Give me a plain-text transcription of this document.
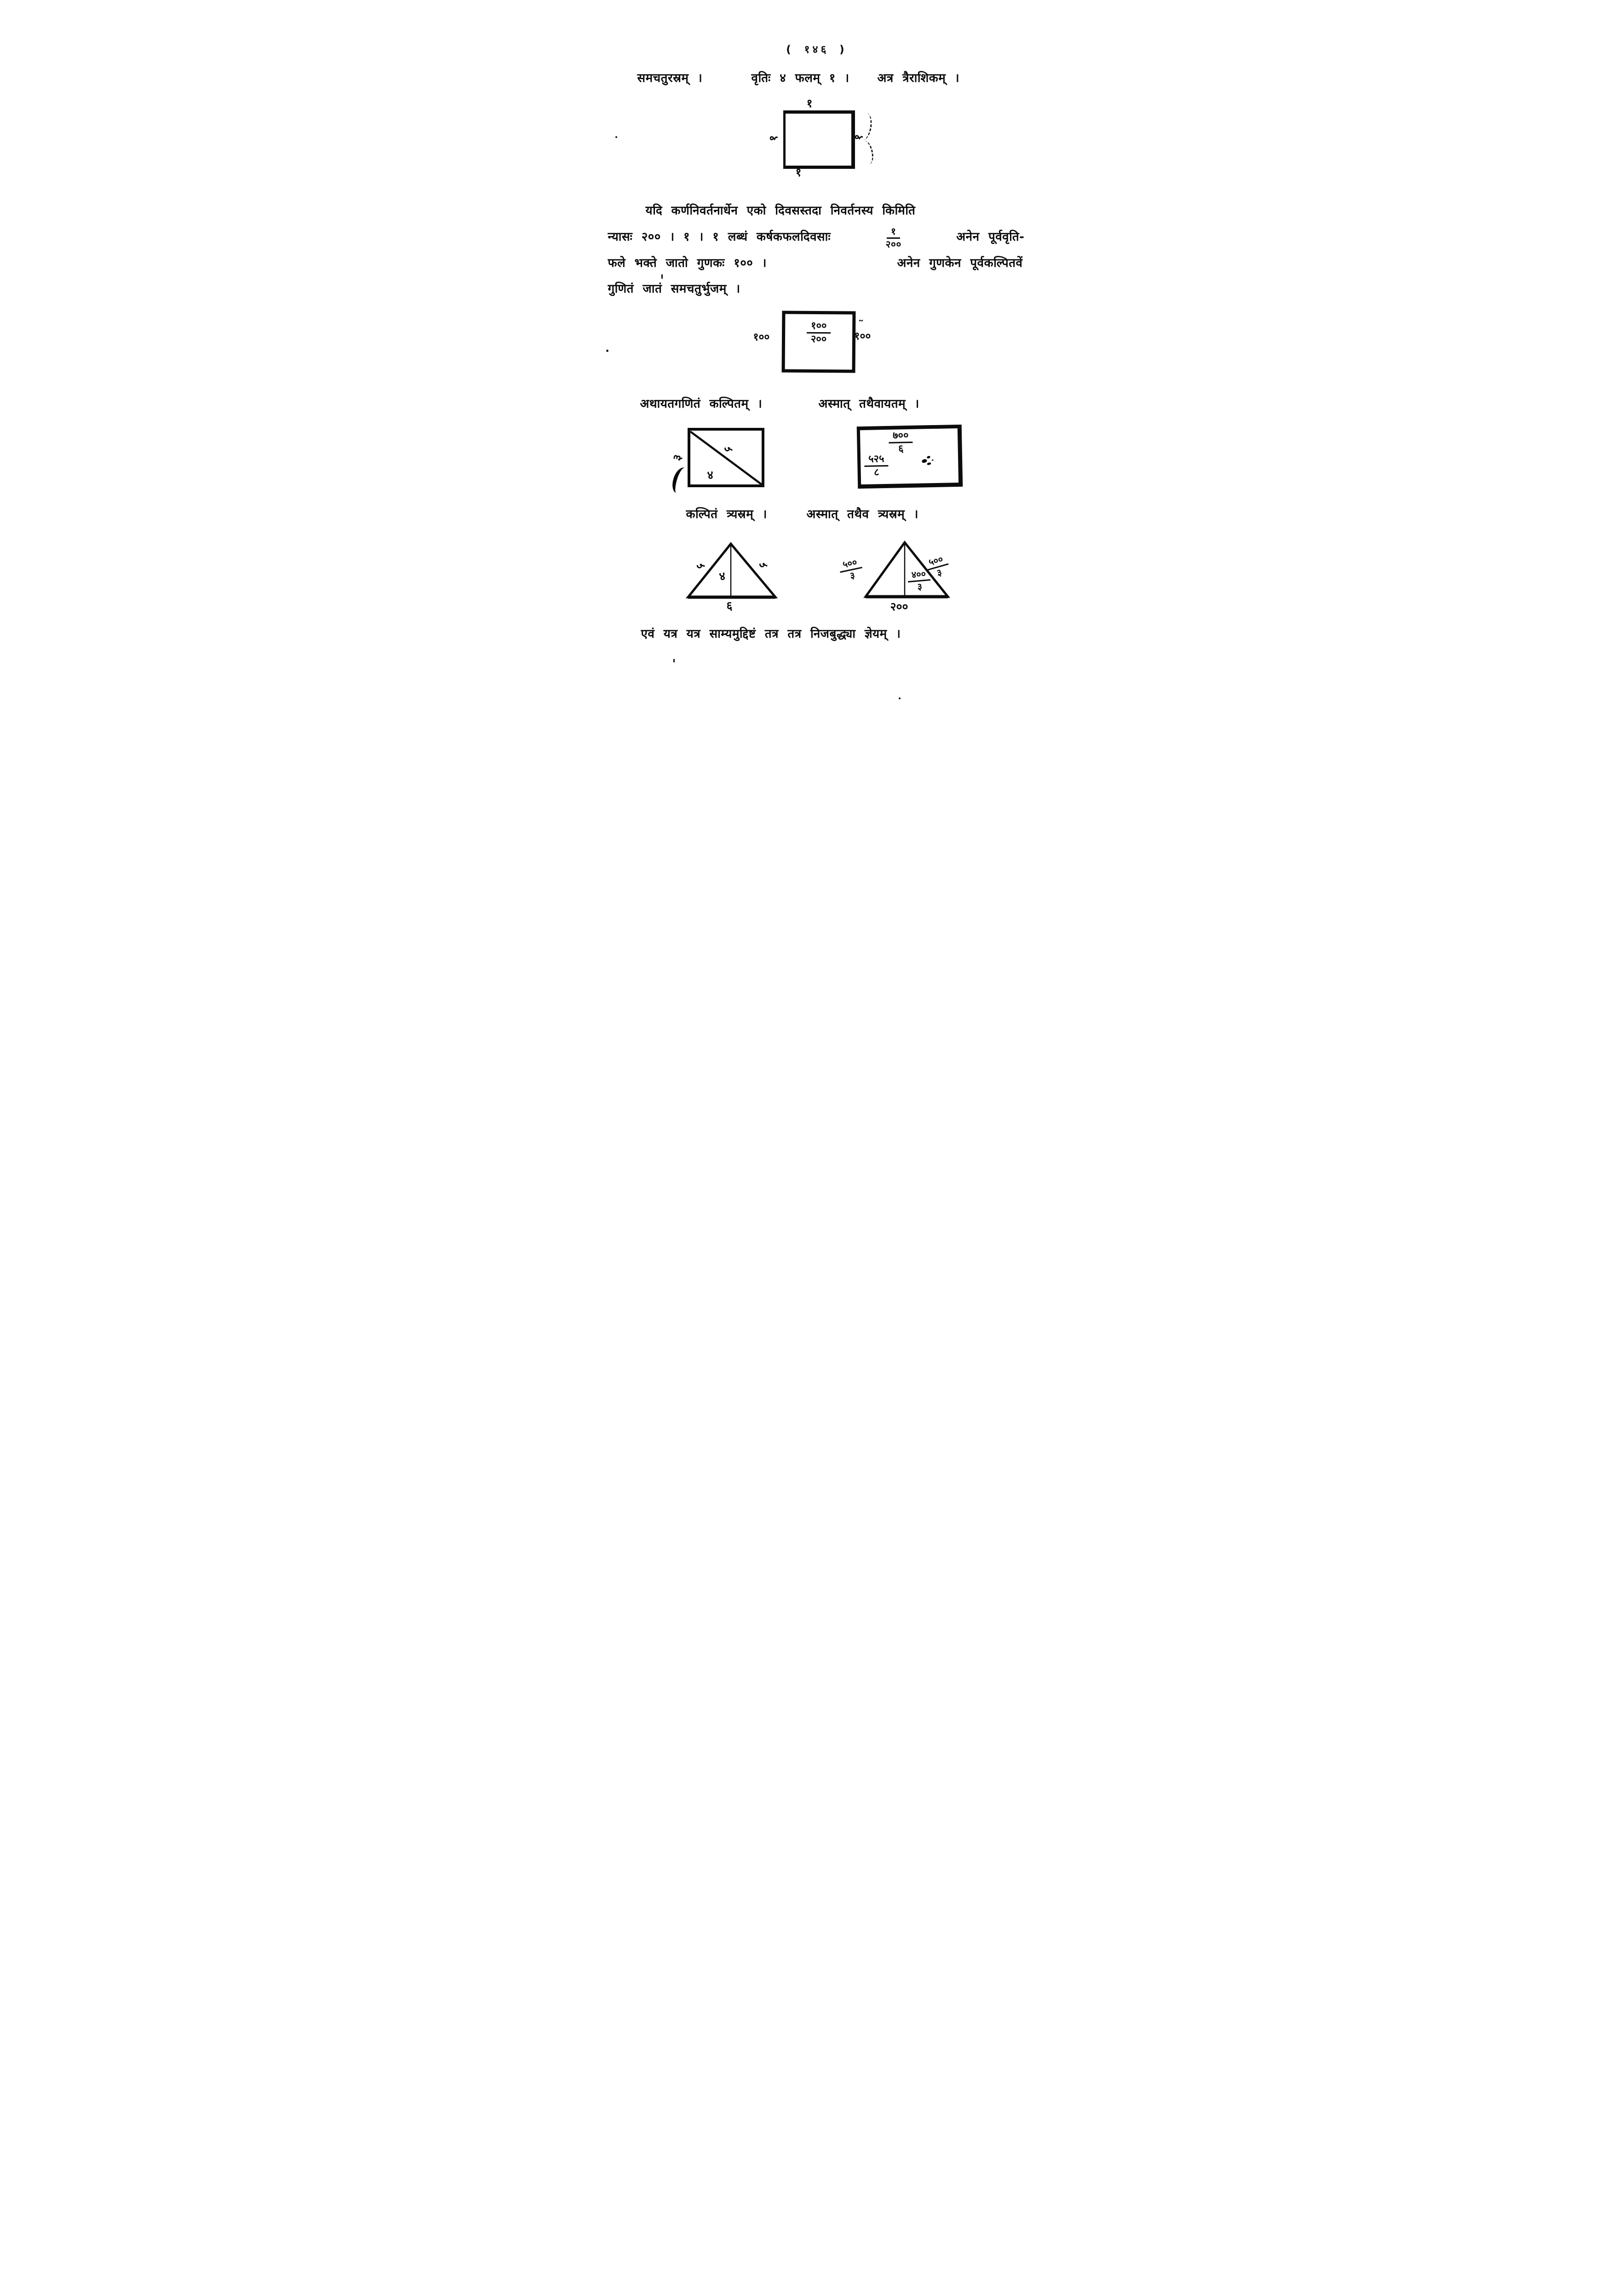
( १४६ )
समचतुरस्रम् ।	वृतिः ४ फलम् १ । अत्र त्रैराशिकम् ।
१
१	१
१
यदि कर्णनिवर्तनार्धेन एको दिवसस्तदा निवर्तनस्य किमिति
न्यासः २०० । १ । १ लब्धं कर्षकफलदिवसाः	$\frac{१}{२००}$	अनेन पूर्ववृति-
फले भक्ते जातो गुणकः १०० ।	अनेन गुणकेन पूर्वकल्पितवें
गुणितं जातं समचतुर्भुजम् ।
१००
२००
१००	१००
˜
अथायतगणितं कल्पितम् ।	अस्मात् तथैवायतम् ।
३
५
४
७००
६
५२५
८
कल्पितं त्र्यस्रम् ।	अस्मात् तथैव त्र्यस्रम् ।
५	५
४
६
५००
३
५००
३
४००
३
२००
एवं यत्र यत्र साम्यमुद्दिष्टं तत्र तत्र निजबुद्ध्या ज्ञेयम् ।
